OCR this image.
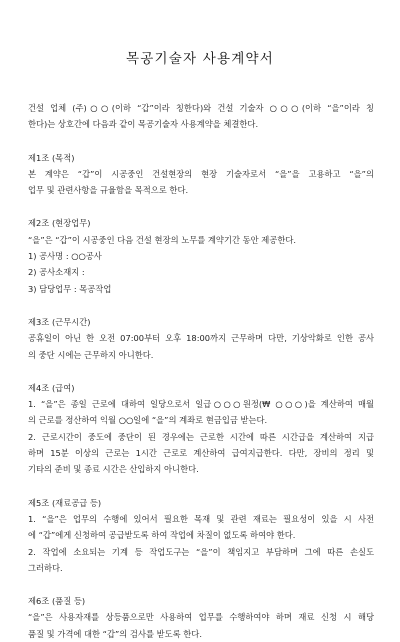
목공기술자 사용계약서
건설 업체 (주)○○(이하 “갑”이라 칭한다)와 건설 기술자 ○○○(이하 “을”이라 칭
한다)는 상호간에 다음과 같이 목공기술자 사용계약을 체결한다.
제1조 (목적)
본 계약은 “갑”이 시공중인 건설현장의 현장 기술자로서 “을”을 고용하고 “을”의
업무 및 관련사항을 규율함을 목적으로 한다.
제2조 (현장업무)
“을”은 “갑”이 시공중인 다음 건설 현장의 노무를 계약기간 동안 제공한다.
1) 공사명 : ○○공사
2) 공사소재지 :
3) 담당업무 : 목공작업
제3조 (근무시간)
공휴일이 아닌 한 오전 07:00부터 오후 18:00까지 근무하며 다만, 기상악화로 인한 공사
의 중단 시에는 근무하지 아니한다.
제4조 (급여)
1. “을”은 종일 근로에 대하여 일당으로서 일급○○○원정(₩ ○○○)을 계산하여 매월
의 근로를 정산하여 익월 ○○일에 “을”의 계좌로 현금입금 받는다.
2. 근로시간이 중도에 중단이 된 경우에는 근로한 시간에 따른 시간급을 계산하여 지급
하며 15분 이상의 근로는 1시간 근로로 계산하여 급여지급한다. 다만, 장비의 정리 및
기타의 준비 및 종료 시간은 산입하지 아니한다.
제5조 (재료공급 등)
1. “을”은 업무의 수행에 있어서 필요한 목재 및 관련 재료는 필요성이 있을 시 사전
에 “갑”에게 신청하여 공급받도록 하여 작업에 차질이 없도록 하여야 한다.
2. 작업에 소요되는 기계 등 작업도구는 “을”이 책임지고 부담하며 그에 따른 손실도
그러하다.
제6조 (품질 등)
“을”은 사용자재를 상등품으로만 사용하여 업무를 수행하여야 하며 재료 신청 시 해당
품질 및 가격에 대한 “갑”의 검사를 받도록 한다.
